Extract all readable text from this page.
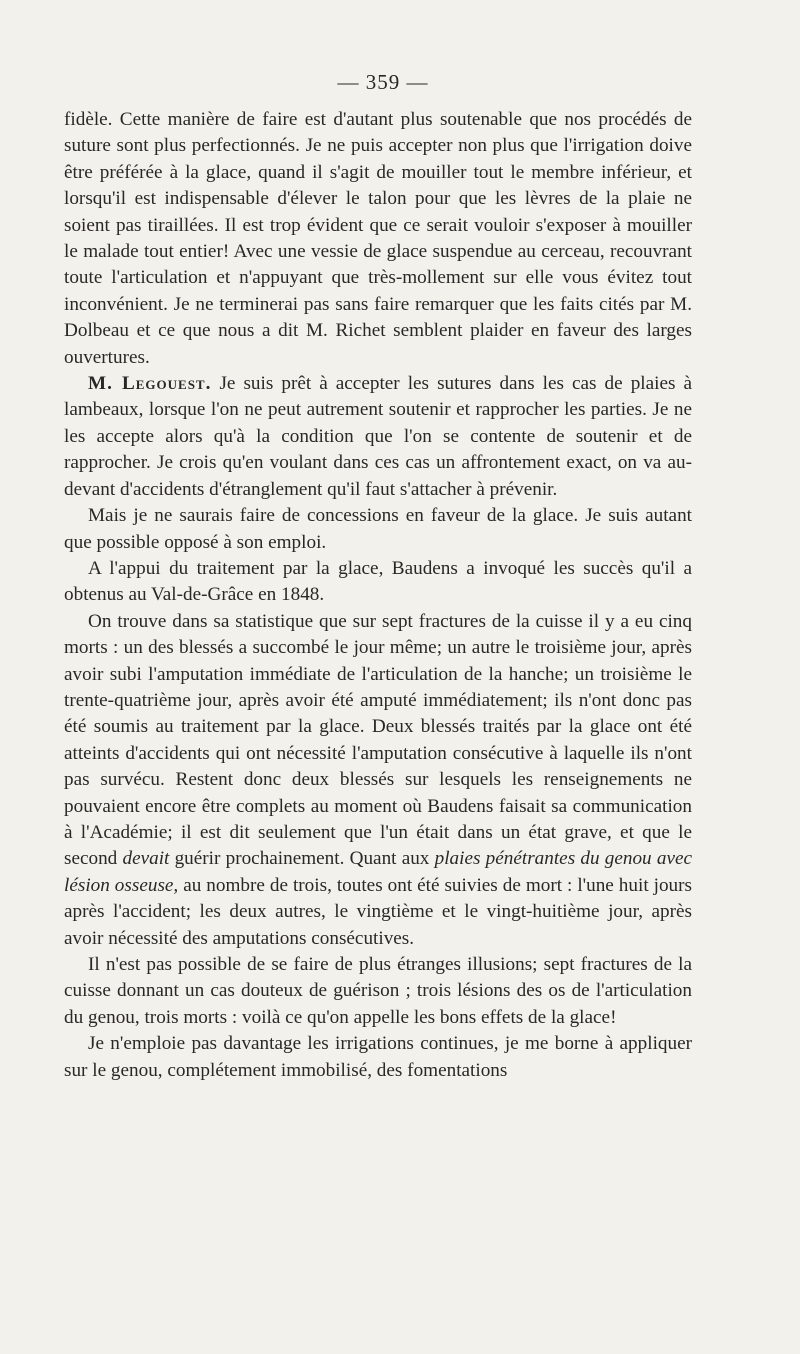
— 359 —

fidèle. Cette manière de faire est d'autant plus soutenable que nos procédés de suture sont plus perfectionnés. Je ne puis accepter non plus que l'irrigation doive être préférée à la glace, quand il s'agit de mouiller tout le membre inférieur, et lorsqu'il est indispensable d'élever le talon pour que les lèvres de la plaie ne soient pas tiraillées. Il est trop évident que ce serait vouloir s'exposer à mouiller le malade tout entier! Avec une vessie de glace suspendue au cerceau, recouvrant toute l'articulation et n'appuyant que très-mollement sur elle vous évitez tout inconvénient. Je ne terminerai pas sans faire remarquer que les faits cités par M. Dolbeau et ce que nous a dit M. Richet semblent plaider en faveur des larges ouvertures.

M. Legouest. Je suis prêt à accepter les sutures dans les cas de plaies à lambeaux, lorsque l'on ne peut autrement soutenir et rapprocher les parties. Je ne les accepte alors qu'à la condition que l'on se contente de soutenir et de rapprocher. Je crois qu'en voulant dans ces cas un affrontement exact, on va au-devant d'accidents d'étranglement qu'il faut s'attacher à prévenir.

Mais je ne saurais faire de concessions en faveur de la glace. Je suis autant que possible opposé à son emploi.

A l'appui du traitement par la glace, Baudens a invoqué les succès qu'il a obtenus au Val-de-Grâce en 1848.

On trouve dans sa statistique que sur sept fractures de la cuisse il y a eu cinq morts : un des blessés a succombé le jour même; un autre le troisième jour, après avoir subi l'amputation immédiate de l'articulation de la hanche; un troisième le trente-quatrième jour, après avoir été amputé immédiatement; ils n'ont donc pas été soumis au traitement par la glace. Deux blessés traités par la glace ont été atteints d'accidents qui ont nécessité l'amputation consécutive à laquelle ils n'ont pas survécu. Restent donc deux blessés sur lesquels les renseignements ne pouvaient encore être complets au moment où Baudens faisait sa communication à l'Académie; il est dit seulement que l'un était dans un état grave, et que le second devait guérir prochainement. Quant aux plaies pénétrantes du genou avec lésion osseuse, au nombre de trois, toutes ont été suivies de mort : l'une huit jours après l'accident; les deux autres, le vingtième et le vingt-huitième jour, après avoir nécessité des amputations consécutives.

Il n'est pas possible de se faire de plus étranges illusions; sept fractures de la cuisse donnant un cas douteux de guérison ; trois lésions des os de l'articulation du genou, trois morts : voilà ce qu'on appelle les bons effets de la glace!

Je n'emploie pas davantage les irrigations continues, je me borne à appliquer sur le genou, complétement immobilisé, des fomentations
